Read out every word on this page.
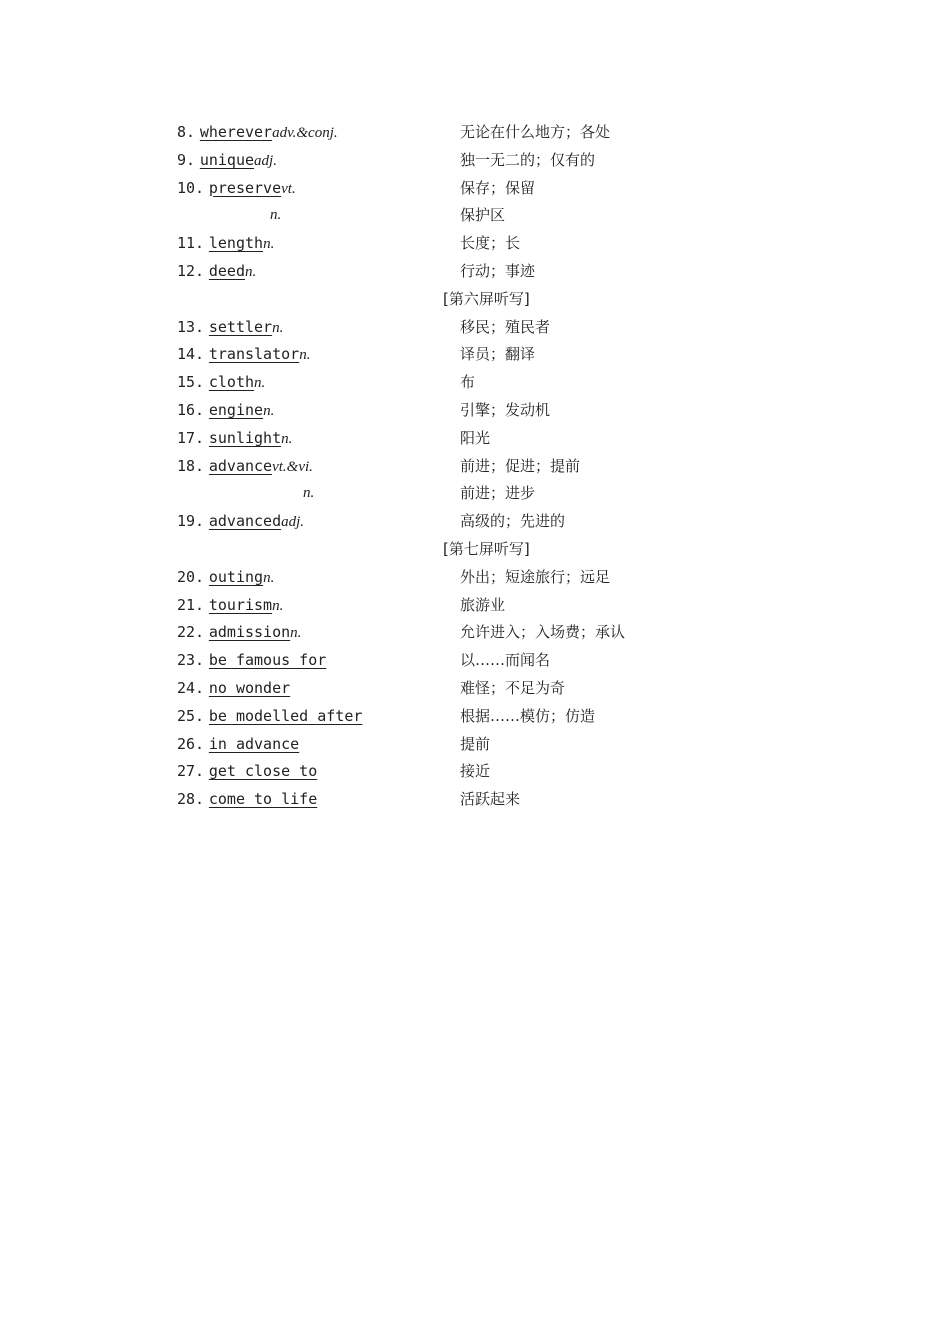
8. whereveradv.&conj.	无论在什么地方；各处
9. uniqueadj.	独一无二的；仅有的
10. preservevt.	保存；保留
n.	保护区
11. lengthn.	长度；长
12. deedn.	行动；事迹
[第六屏听写]
13. settlern.	移民；殖民者
14. translatorn.	译员；翻译
15. clothn.	布
16. enginen.	引擎；发动机
17. sunlightn.	阳光
18. advancevt.&vi.	前进；促进；提前
n.	前进；进步
19. advancedadj.	高级的；先进的
[第七屏听写]
20. outingn.	外出；短途旅行；远足
21. tourismn.	旅游业
22. admissionn.	允许进入；入场费；承认
23. be famous for	以……而闻名
24. no wonder	难怪；不足为奇
25. be modelled after	根据……模仿；仿造
26. in advance	提前
27. get close to	接近
28. come to life	活跃起来
